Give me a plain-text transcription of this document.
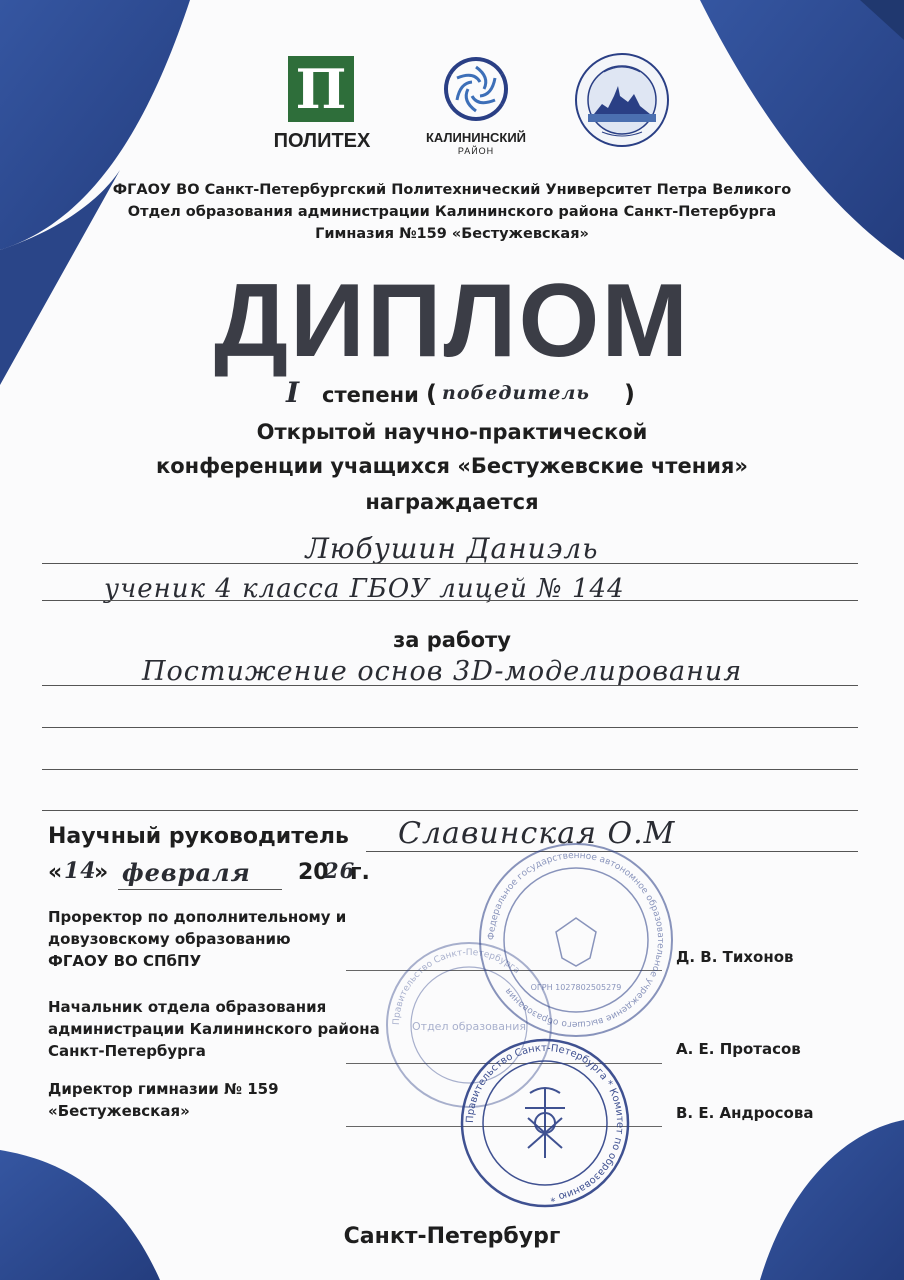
П
ПОЛИТЕХ	КАЛИНИНСКИЙ
РАЙОН
ФГАОУ ВО Санкт-Петербургский Политехнический Университет Петра Великого
Отдел образования администрации Калининского района Санкт-Петербурга
Гимназия №159 «Бестужевская»
ДИПЛОМ
I степени ( победитель )
Открытой научно-практической
конференции учащихся «Бестужевские чтения»
награждается
Любушин Даниэль
ученик 4 класса ГБОУ лицей № 144
за работу
Постижение основ 3D-моделирования
Научный руководитель Славинская О.М
« 14
» февраля 20
26
г.
Проректор по дополнительному и
довузовскому образованию
ФГАОУ ВО СПбПУ	Д. В. Тихонов
Начальник отдела образования
администрации Калининского района
Санкт-Петербурга	А. Е. Протасов
Директор гимназии № 159
«Бестужевская»	В. Е. Андросова
Федеральное государственное автономное образовательное учреждение высшего образования	ОГРН 1027802505279
Правительство Санкт-Петербурга
Отдел образования
Правительство Санкт-Петербурга * Комитет по образованию *
Санкт-Петербург
